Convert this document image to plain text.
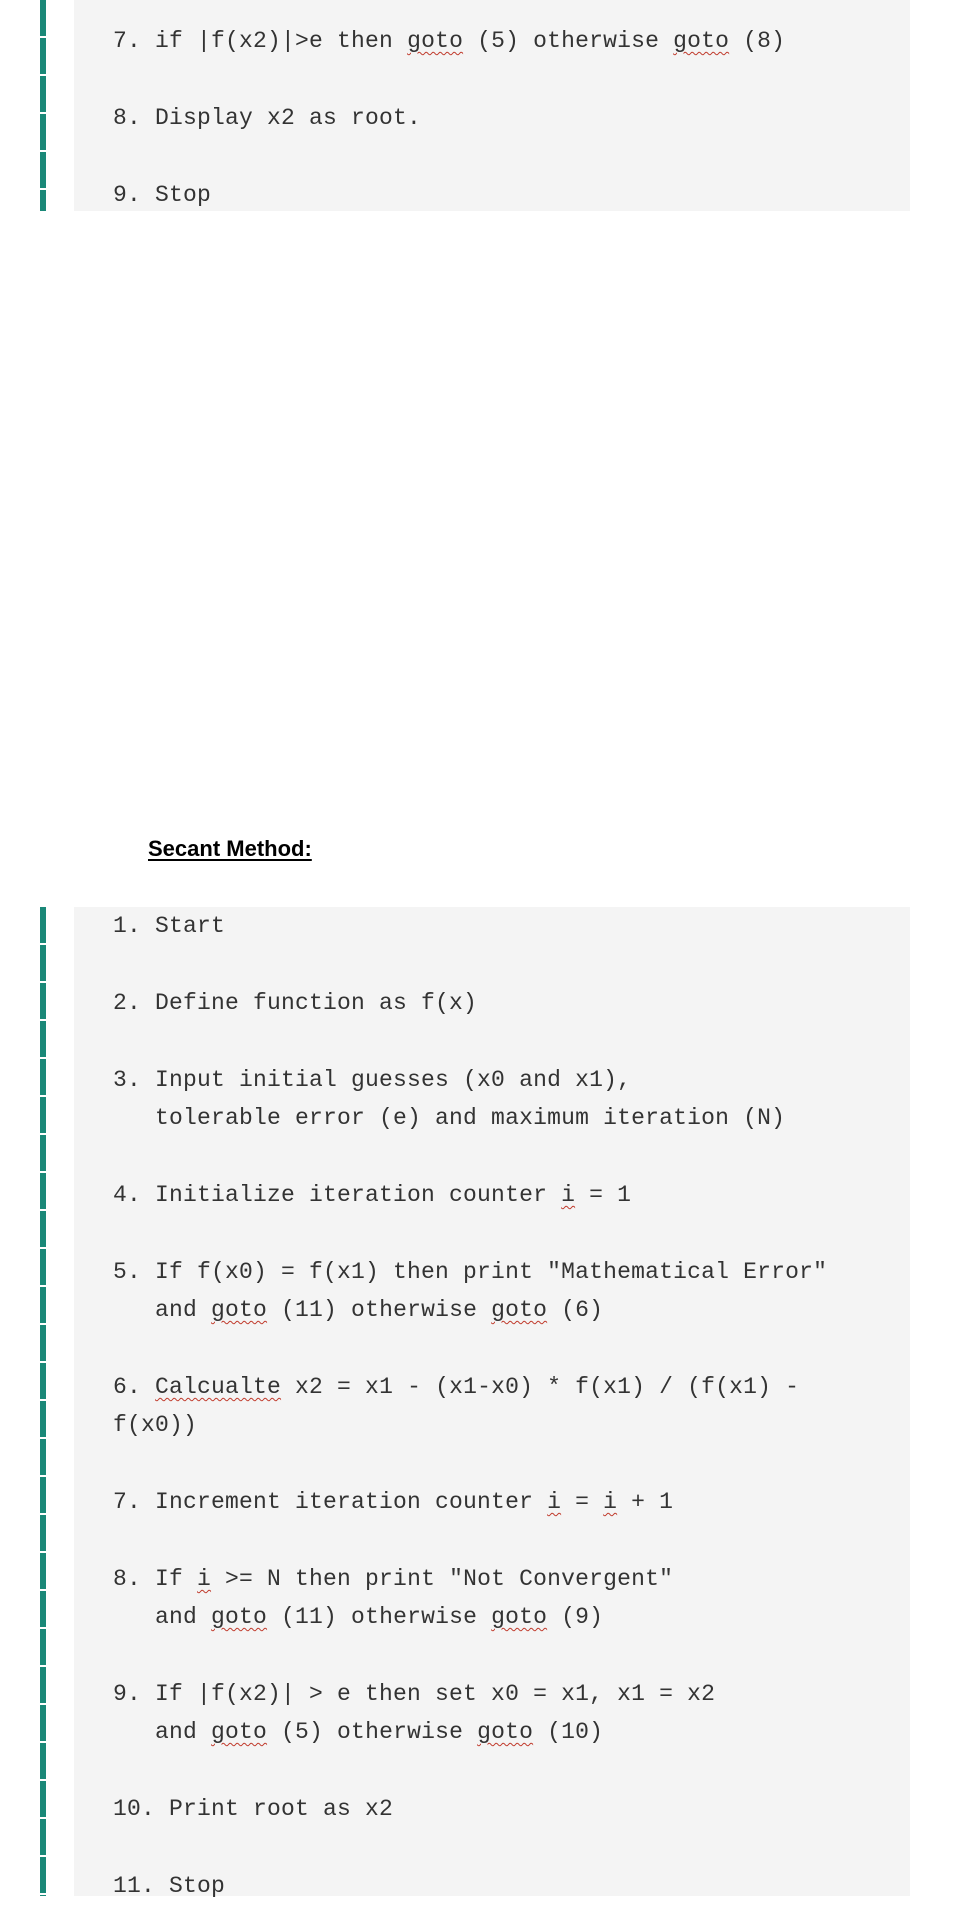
7. if |f(x2)|>e then goto (5) otherwise goto (8)
8. Display x2 as root.
9. Stop
Secant Method:
1. Start
2. Define function as f(x)
3. Input initial guesses (x0 and x1),
tolerable error (e) and maximum iteration (N)
4. Initialize iteration counter i = 1
5. If f(x0) = f(x1) then print "Mathematical Error"
and goto (11) otherwise goto (6)
6. Calcualte x2 = x1 - (x1-x0) * f(x1) / (f(x1) -
f(x0))
7. Increment iteration counter i = i + 1
8. If i >= N then print "Not Convergent"
and goto (11) otherwise goto (9)
9. If |f(x2)| > e then set x0 = x1, x1 = x2
and goto (5) otherwise goto (10)
10. Print root as x2
11. Stop
